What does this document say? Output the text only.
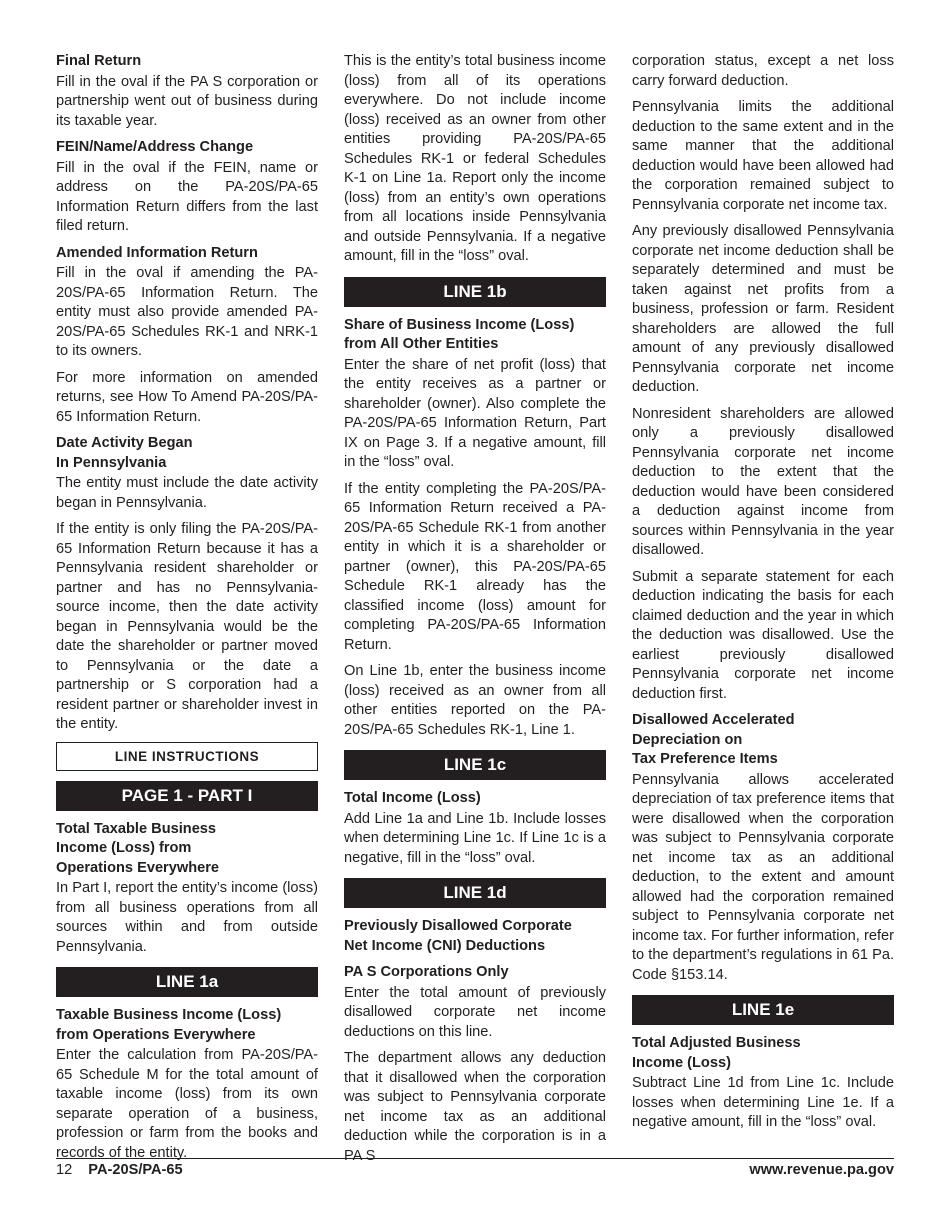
Final Return

Fill in the oval if the PA S corporation or partnership went out of business during its taxable year.

FEIN/Name/Address Change

Fill in the oval if the FEIN, name or address on the PA-20S/PA-65 Information Return differs from the last filed return.

Amended Information Return

Fill in the oval if amending the PA-20S/PA-65 Information Return. The entity must also provide amended PA-20S/PA-65 Schedules RK-1 and NRK-1 to its owners.

For more information on amended returns, see How To Amend PA-20S/PA-65 Information Return.

Date Activity Began
In Pennsylvania

The entity must include the date activity began in Pennsylvania.

If the entity is only filing the PA-20S/PA-65 Information Return because it has a Pennsylvania resident shareholder or partner and has no Pennsylvania-source income, then the date activity began in Pennsylvania would be the date the shareholder or partner moved to Pennsylvania or the date a partnership or S corporation had a resident partner or shareholder invest in the entity.

LINE INSTRUCTIONS
PAGE 1 - PART I
Total Taxable Business
Income (Loss) from
Operations Everywhere

In Part I, report the entity’s income (loss) from all business operations from all sources within and from outside Pennsylvania.

LINE 1a
Taxable Business Income (Loss)
from Operations Everywhere

Enter the calculation from PA-20S/PA-65 Schedule M for the total amount of taxable income (loss) from its own separate operation of a business, profession or farm from the books and records of the entity.

This is the entity’s total business income (loss) from all of its operations everywhere. Do not include income (loss) received as an owner from other entities providing PA-20S/PA-65 Schedules RK-1 or federal Schedules K-1 on Line 1a. Report only the income (loss) from an entity’s own operations from all locations inside Pennsylvania and outside Pennsylvania. If a negative amount, fill in the “loss” oval.

LINE 1b
Share of Business Income (Loss)
from All Other Entities

Enter the share of net profit (loss) that the entity receives as a partner or shareholder (owner). Also complete the PA-20S/PA-65 Information Return, Part IX on Page 3. If a negative amount, fill in the “loss” oval.

If the entity completing the PA-20S/PA-65 Information Return received a PA-20S/PA-65 Schedule RK-1 from another entity in which it is a shareholder or partner (owner), this PA-20S/PA-65 Schedule RK-1 already has the classified income (loss) amount for completing PA-20S/PA-65 Information Return.

On Line 1b, enter the business income (loss) received as an owner from all other entities reported on the PA-20S/PA-65 Schedules RK-1, Line 1.

LINE 1c
Total Income (Loss)

Add Line 1a and Line 1b. Include losses when determining Line 1c. If Line 1c is a negative, fill in the “loss” oval.

LINE 1d
Previously Disallowed Corporate
Net Income (CNI) Deductions
PA S Corporations Only

Enter the total amount of previously disallowed corporate net income deductions on this line.

The department allows any deduction that it disallowed when the corporation was subject to Pennsylvania corporate net income tax as an additional deduction while the corporation is in a PA S

corporation status, except a net loss carry forward deduction.

Pennsylvania limits the additional deduction to the same extent and in the same manner that the additional deduction would have been allowed had the corporation remained subject to Pennsylvania corporate net income tax.

Any previously disallowed Pennsylvania corporate net income deduction shall be separately determined and must be taken against net profits from a business, profession or farm. Resident shareholders are allowed the full amount of any previously disallowed Pennsylvania corporate net income deduction.

Nonresident shareholders are allowed only a previously disallowed Pennsylvania corporate net income deduction to the extent that the deduction would have been considered a deduction against income from sources within Pennsylvania in the year disallowed.

Submit a separate statement for each deduction indicating the basis for each claimed deduction and the year in which the deduction was disallowed. Use the earliest previously disallowed Pennsylvania corporate net income deduction first.

Disallowed Accelerated
Depreciation on
Tax Preference Items

Pennsylvania allows accelerated depreciation of tax preference items that were disallowed when the corporation was subject to Pennsylvania corporate net income tax as an additional deduction, to the extent and amount allowed had the corporation remained subject to Pennsylvania corporate net income tax. For further information, refer to the department’s regulations in 61 Pa. Code §153.14.

LINE 1e
Total Adjusted Business
Income (Loss)

Subtract Line 1d from Line 1c. Include losses when determining Line 1e. If a negative amount, fill in the “loss” oval.

12 PA-20S/PA-65	www.revenue.pa.gov
